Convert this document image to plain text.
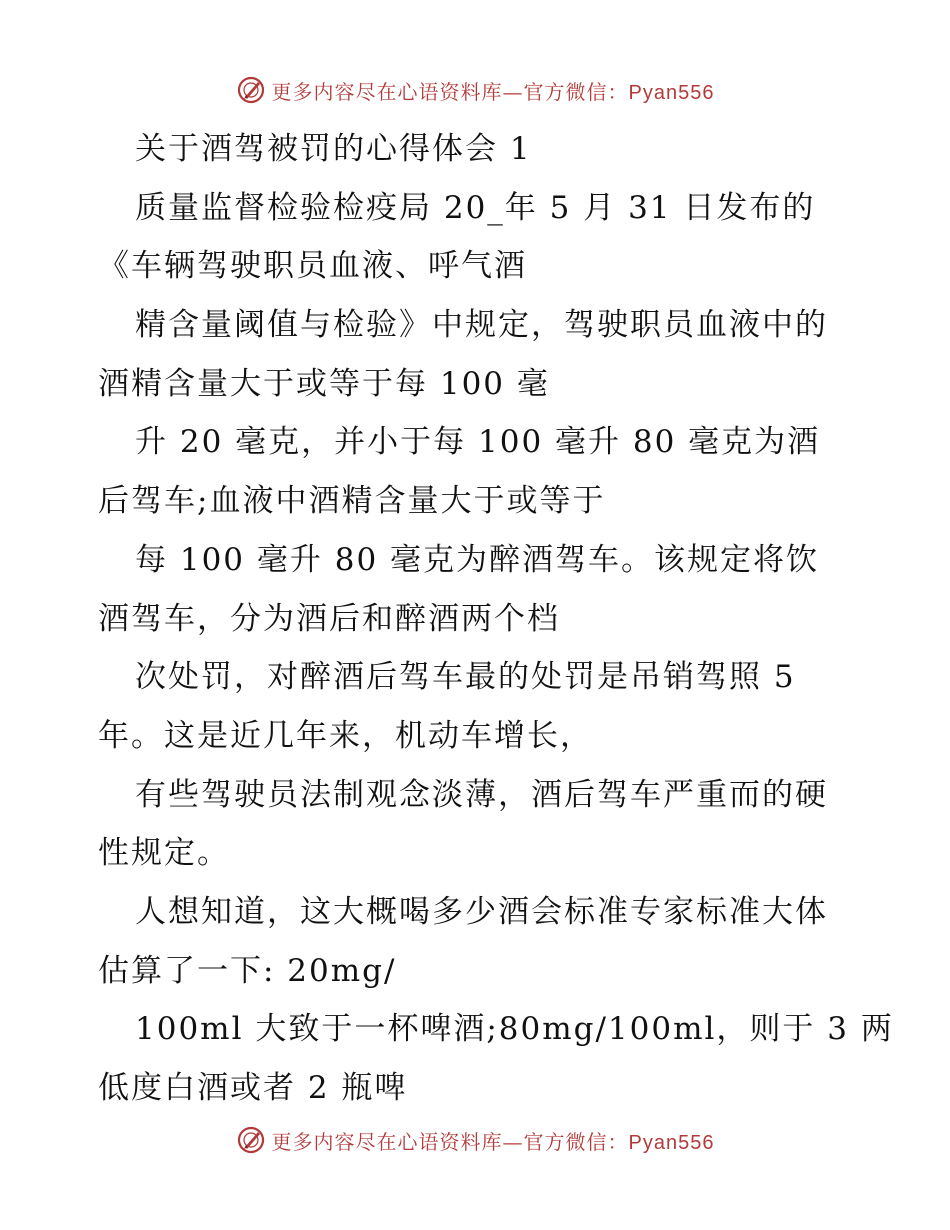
更多内容尽在心语资料库—官方微信：Pyan556
关于酒驾被罚的心得体会 1
质量监督检验检疫局 20_年 5 月 31 日发布的
《车辆驾驶职员血液、呼气酒
精含量阈值与检验》中规定，驾驶职员血液中的
酒精含量大于或等于每 100 毫
升 20 毫克，并小于每 100 毫升 80 毫克为酒
后驾车;血液中酒精含量大于或等于
每 100 毫升 80 毫克为醉酒驾车。该规定将饮
酒驾车，分为酒后和醉酒两个档
次处罚，对醉酒后驾车最的处罚是吊销驾照 5
年。这是近几年来，机动车增长，
有些驾驶员法制观念淡薄，酒后驾车严重而的硬
性规定。
人想知道，这大概喝多少酒会标准专家标准大体
估算了一下: 20mg/
100ml 大致于一杯啤酒;80mg/100ml，则于 3 两
低度白酒或者 2 瓶啤
更多内容尽在心语资料库—官方微信：Pyan556
